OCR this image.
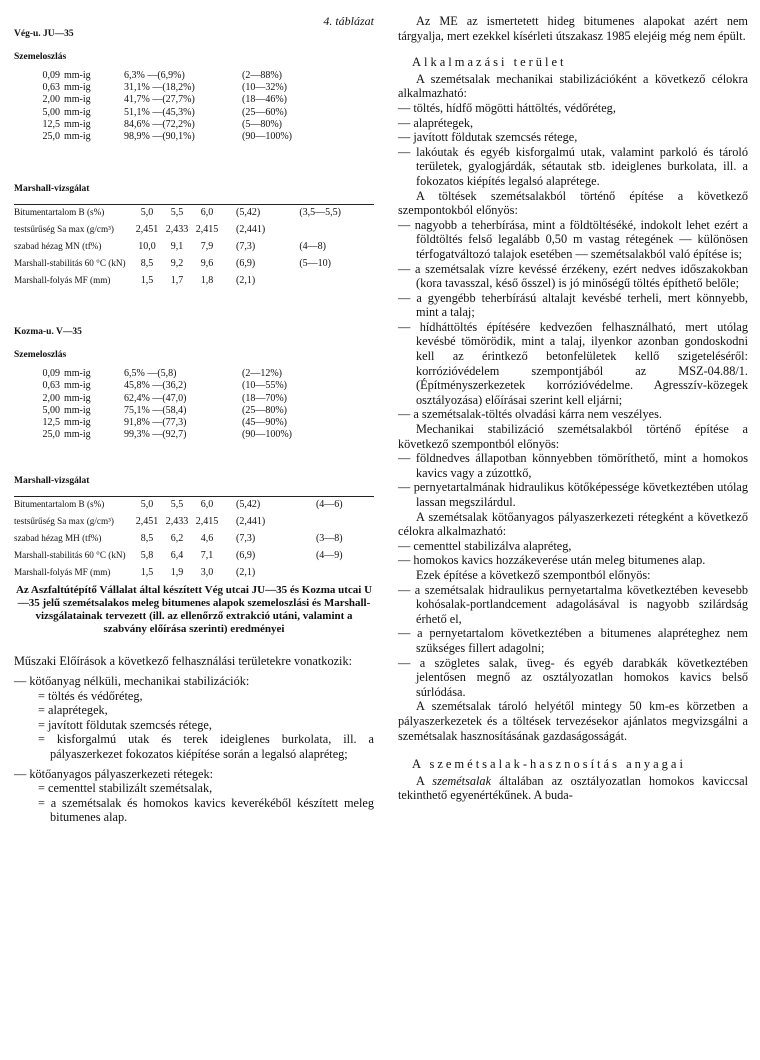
4. táblázat
Vég-u. JU—35
Szemeloszlás
0,09	mm-ig	6,3% —(6,9%)	(2—88%)
0,63	mm-ig	31,1% —(18,2%)	(10—32%)
2,00	mm-ig	41,7% —(27,7%)	(18—46%)
5,00	mm-ig	51,1% —(45,3%)	(25—60%)
12,5	mm-ig	84,6% —(72,2%)	(5—80%)
25,0	mm-ig	98,9% —(90,1%)	(90—100%)
Marshall-vizsgálat
Bitumentartalom B (s%)	5,0	5,5	6,0	(5,42)	(3,5—5,5)
testsűrűség Sa max (g/cm³)	2,451	2,433	2,415	(2,441)	
szabad hézag MN (tf%)	10,0	9,1	7,9	(7,3)	(4—8)
Marshall-stabilitás 60 °C (kN)	8,5	9,2	9,6	(6,9)	(5—10)
Marshall-folyás MF (mm)	1,5	1,7	1,8	(2,1)	
Kozma-u. V—35
Szemeloszlás
0,09	mm-ig	6,5% —(5,8)	(2—12%)
0,63	mm-ig	45,8% —(36,2)	(10—55%)
2,00	mm-ig	62,4% —(47,0)	(18—70%)
5,00	mm-ig	75,1% —(58,4)	(25—80%)
12,5	mm-ig	91,8% —(77,3)	(45—90%)
25,0	mm-ig	99,3% —(92,7)	(90—100%)
Marshall-vizsgálat
Bitumentartalom B (s%)	5,0	5,5	6,0	(5,42)	(4—6)
testsűrűség Sa max (g/cm³)	2,451	2,433	2,415	(2,441)	
szabad hézag MH (tf%)	8,5	6,2	4,6	(7,3)	(3—8)
Marshall-stabilitás 60 °C (kN)	5,8	6,4	7,1	(6,9)	(4—9)
Marshall-folyás MF (mm)	1,5	1,9	3,0	(2,1)	
Az Aszfaltútépítő Vállalat által készített Vég utcai JU—35 és Kozma utcai U—35 jelű szemétsalakos meleg bitumenes alapok szemeloszlási és Marshall-vizsgálatainak tervezett (ill. az ellenőrző extrakció utáni, valamint a szabvány előírása szerinti) eredményei

Műszaki Előírások a következő felhasználási területekre vonatkozik:

— kötőanyag nélküli, mechanikai stabilizációk:

= töltés és védőréteg,

= alaprétegek,

= javított földutak szemcsés rétege,

= kisforgalmú utak és terek ideiglenes burkolata, ill. a pályaszerkezet fokozatos kiépítése során a legalsó alapréteg;

— kötőanyagos pályaszerkezeti rétegek:

= cementtel stabilizált szemétsalak,

= a szemétsalak és homokos kavics keverékéből készített meleg bitumenes alap.

Az ME az ismertetett hideg bitumenes alapokat azért nem tárgyalja, mert ezekkel kísérleti útszakasz 1985 elejéig még nem épült.

Alkalmazási terület

A szemétsalak mechanikai stabilizációként a következő célokra alkalmazható:

— töltés, hídfő mögötti háttöltés, védőréteg,

— alaprétegek,

— javított földutak szemcsés rétege,

— lakóutak és egyéb kisforgalmú utak, valamint parkoló és tároló területek, gyalogjárdák, sétautak stb. ideiglenes burkolata, ill. a fokozatos kiépítés legalsó alaprétege.

A töltések szemétsalakból történő építése a következő szempontokból előnyös:

— nagyobb a teherbírása, mint a földtöltéséké, indokolt lehet ezért a földtöltés felső legalább 0,50 m vastag rétegének — különösen térfogatváltozó talajok esetében — szemétsalakból való építése is;

— a szemétsalak vízre kevéssé érzékeny, ezért nedves időszakokban (kora tavasszal, késő ősszel) is jó minőségű töltés építhető belőle;

— a gyengébb teherbírású altalajt kevésbé terheli, mert könnyebb, mint a talaj;

— hídháttöltés építésére kedvezően felhasználható, mert utólag kevésbé tömörödik, mint a talaj, ilyenkor azonban gondoskodni kell az érintkező betonfelületek kellő szigeteléséről: korrózióvédelem szempontjából az MSZ-04.88/1. (Építményszerkezetek korrózióvédelme. Agresszív-közegek osztályozása) előírásai szerint kell eljárni;

— a szemétsalak-töltés olvadási kárra nem veszélyes.

Mechanikai stabilizáció szemétsalakból történő építése a következő szempontból előnyös:

— földnedves állapotban könnyebben tömöríthető, mint a homokos kavics vagy a zúzottkő,

— pernyetartalmának hidraulikus kötőképessége következtében utólag lassan megszilárdul.

A szemétsalak kötőanyagos pályaszerkezeti rétegként a következő célokra alkalmazható:

— cementtel stabilizálva alapréteg,

— homokos kavics hozzákeverése után meleg bitumenes alap.

Ezek építése a következő szempontból előnyös:

— a szemétsalak hidraulikus pernyetartalma következtében kevesebb kohósalak-portlandcement adagolásával is nagyobb szilárdság érhető el,

— a pernyetartalom következtében a bitumenes alapréteghez nem szükséges fillert adagolni;

— a szögletes salak, üveg- és egyéb darabkák következtében jelentősen megnő az osztályozatlan homokos kavics belső súrlódása.

A szemétsalak tároló helyétől mintegy 50 km-es körzetben a pályaszerkezetek és a töltések tervezésekor ajánlatos megvizsgálni a szemétsalak hasznosításának gazdaságosságát.

A szemétsalak-hasznosítás anyagai

A szemétsalak általában az osztályozatlan homokos kaviccsal tekinthető egyenértékűnek. A buda-
